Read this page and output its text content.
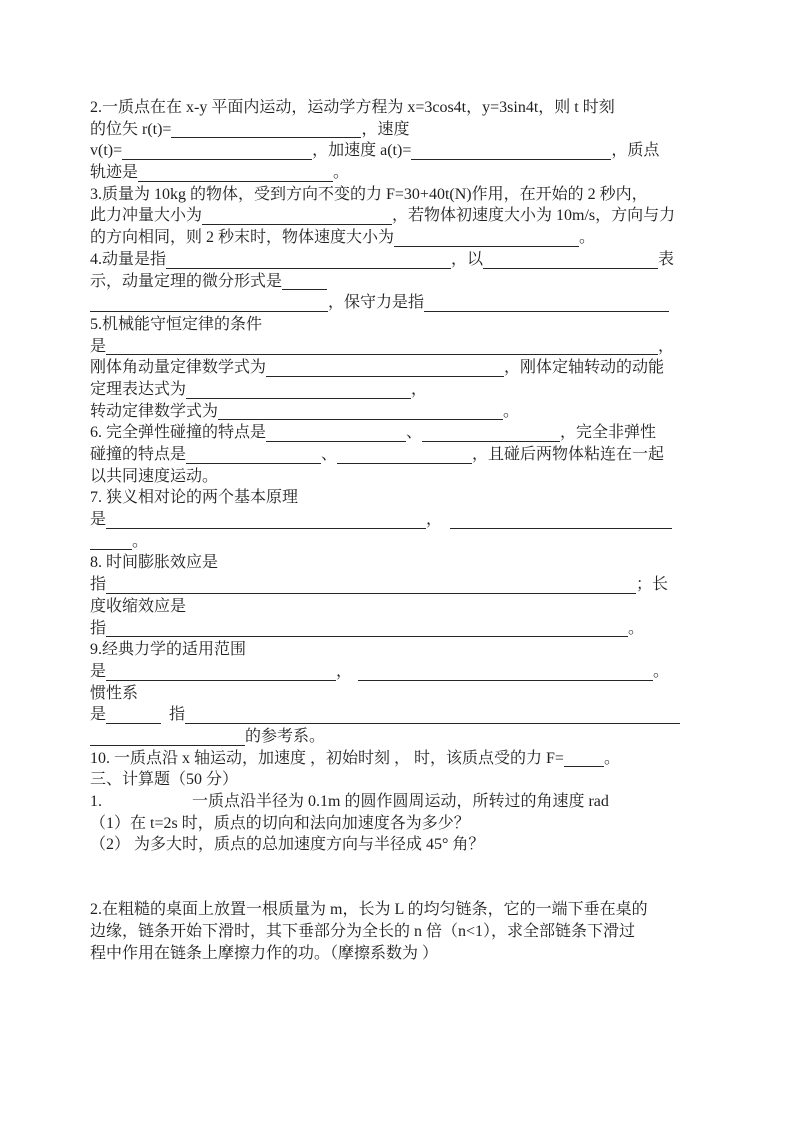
2.一质点在在 x-y 平面内运动，运动学方程为 x=3cos4t，y=3sin4t，则 t 时刻
的位矢 r(t)=	，速度
v(t)=	，加速度 a(t)=	，质点
轨迹是	。
3.质量为 10kg 的物体，受到方向不变的力 F=30+40t(N)作用，在开始的 2 秒内，
此力冲量大小为	，若物体初速度大小为 10m/s，方向与力
的方向相同，则 2 秒末时，物体速度大小为	。
4.动量是指	，以	表
示，动量定理的微分形式是
，保守力是指
5.机械能守恒定律的条件
是	，
刚体角动量定律数学式为	，刚体定轴转动的动能
定理表达式为	，
转动定律数学式为	。
6. 完全弹性碰撞的特点是	、	，完全非弹性
碰撞的特点是	、	，且碰后两物体粘连在一起
以共同速度运动。
7. 狭义相对论的两个基本原理
是	，
。
8. 时间膨胀效应是
指	；长
度收缩效应是
指	。
9.经典力学的适用范围
是	，	。
惯性系
是	指
的参考系。
10. 一质点沿 x 轴运动，加速度 ，初始时刻 ， 时，该质点受的力 F=	。
三、计算题（50 分）
1.	一质点沿半径为 0.1m 的圆作圆周运动，所转过的角速度 rad
（1）在 t=2s 时，质点的切向和法向加速度各为多少？
（2） 为多大时，质点的总加速度方向与半径成 45° 角？
2.在粗糙的桌面上放置一根质量为 m，长为 L 的均匀链条，它的一端下垂在桌的
边缘，链条开始下滑时，其下垂部分为全长的 n 倍（n<1），求全部链条下滑过
程中作用在链条上摩擦力作的功。（摩擦系数为 ）
